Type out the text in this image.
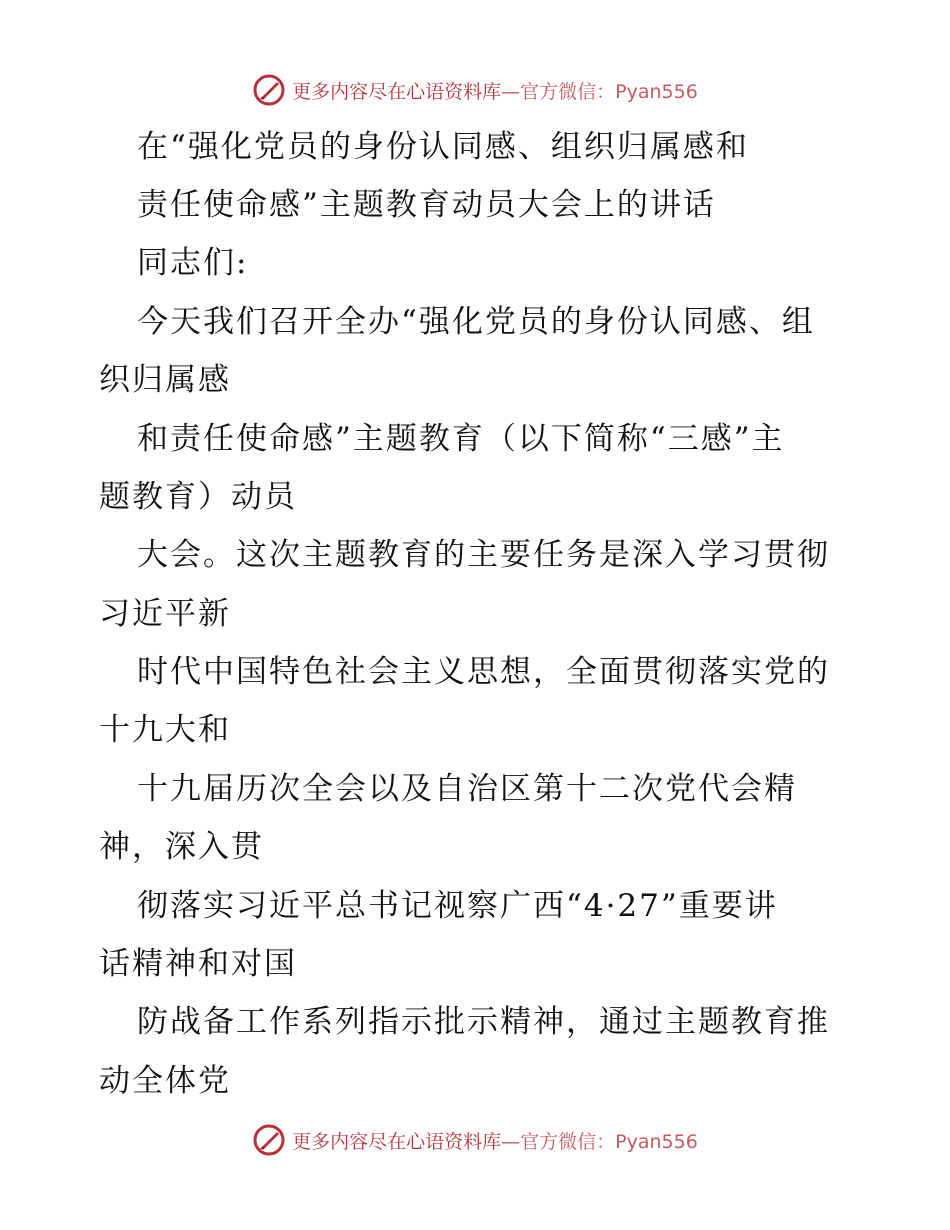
更多内容尽在心语资料库—官方微信：Pyan556
在“强化党员的身份认同感、组织归属感和
责任使命感”主题教育动员大会上的讲话
同志们:
今天我们召开全办“强化党员的身份认同感、组
织归属感
和责任使命感”主题教育（以下简称“三感”主
题教育）动员
大会。这次主题教育的主要任务是深入学习贯彻
习近平新
时代中国特色社会主义思想，全面贯彻落实党的
十九大和
十九届历次全会以及自治区第十二次党代会精
神，深入贯
彻落实习近平总书记视察广西“4·27”重要讲
话精神和对国
防战备工作系列指示批示精神，通过主题教育推
动全体党
更多内容尽在心语资料库—官方微信：Pyan556
